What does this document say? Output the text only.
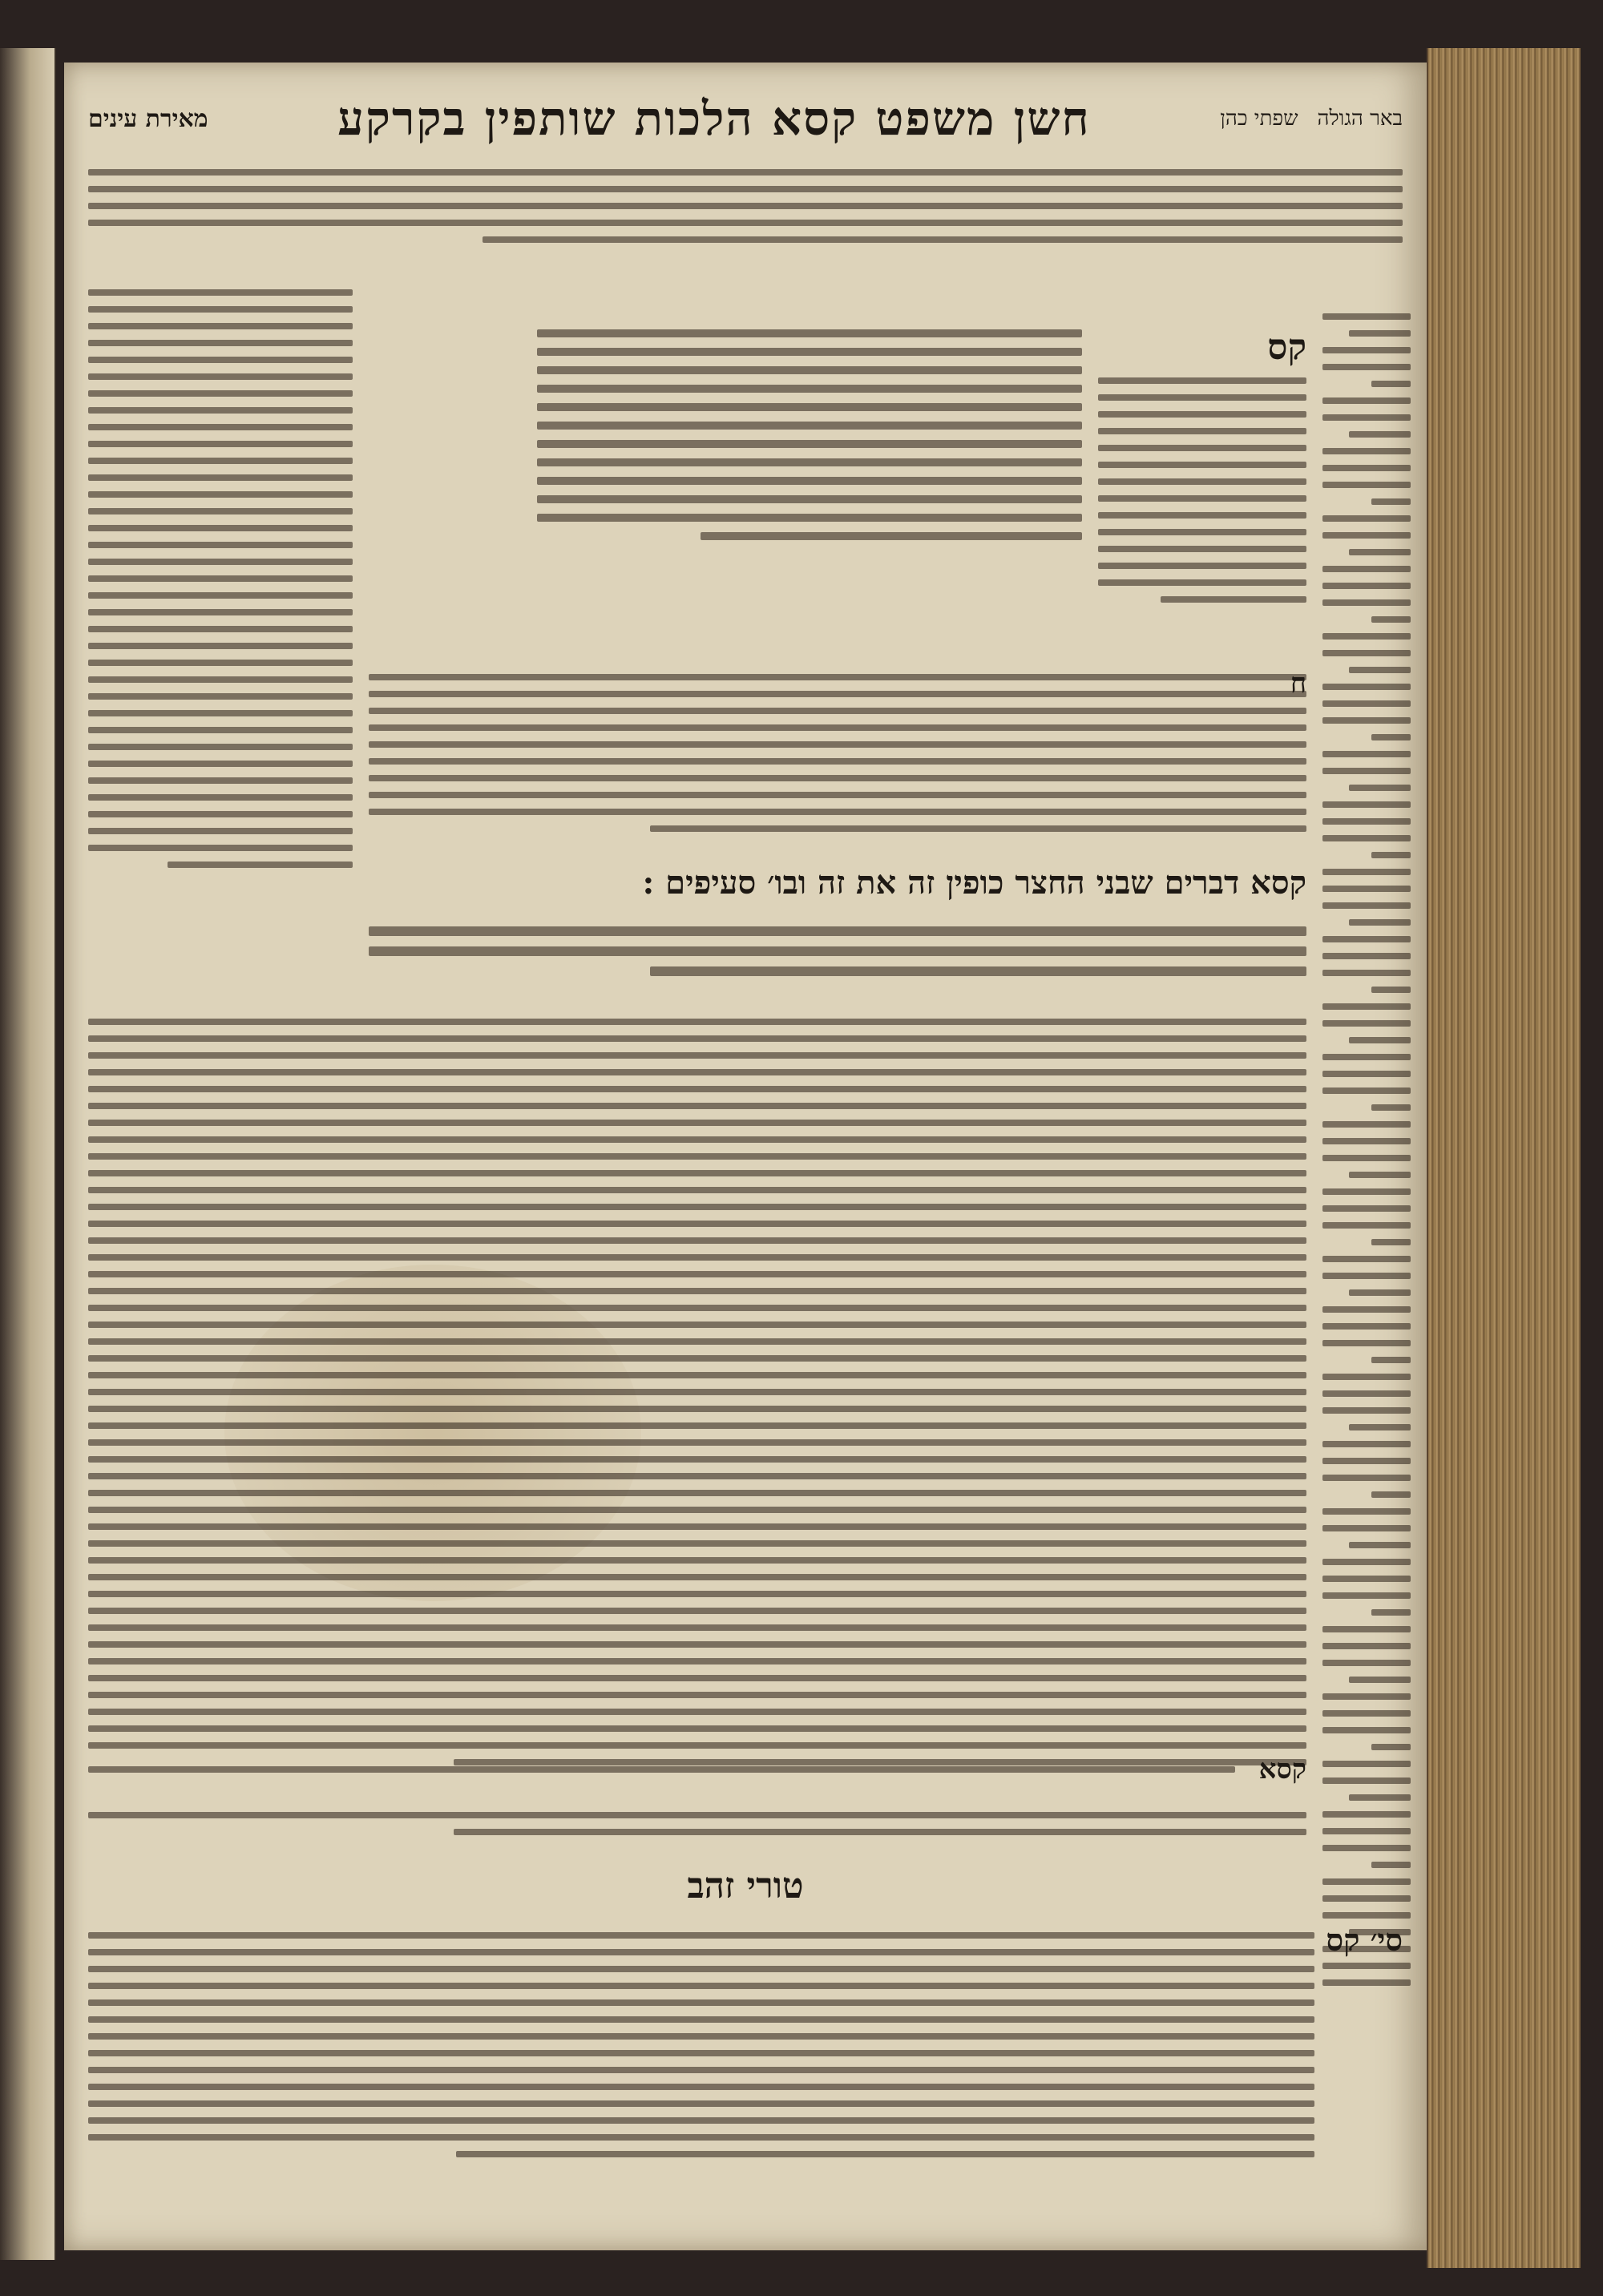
באר הגולה
שפתי כהן
חשן משפט קסא הלכות שותפין בקרקע
מאירת עינים
קס
ח
קסא דברים שבני החצר כופין זה את זה ובו׳ סעיפים :
קסא
טורי זהב
סי׳ קס
